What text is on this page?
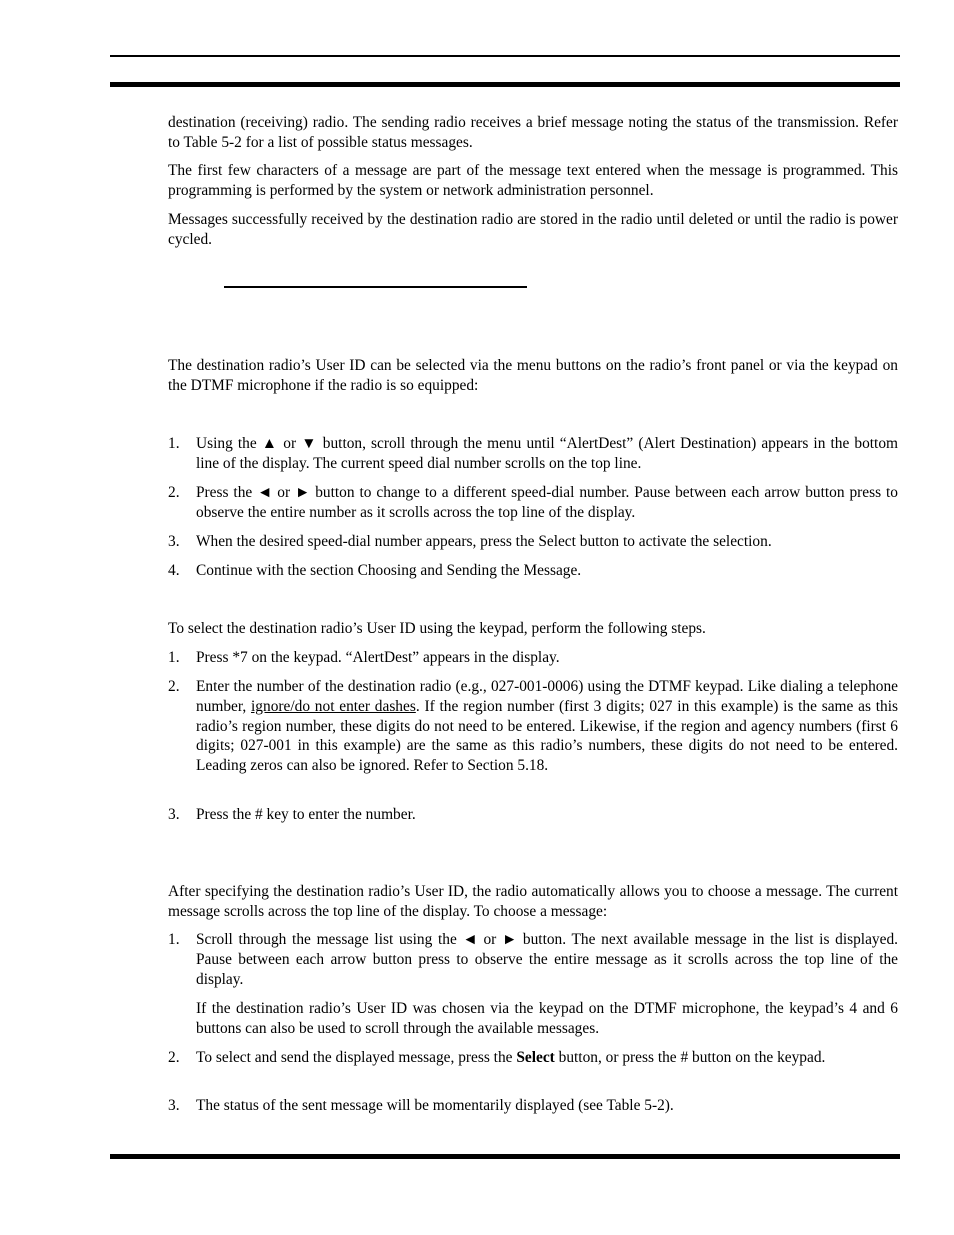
destination (receiving) radio. The sending radio receives a brief message noting the status of the transmission. Refer to Table 5-2 for a list of possible status messages.

The first few characters of a message are part of the message text entered when the message is programmed. This programming is performed by the system or network administration personnel.

Messages successfully received by the destination radio are stored in the radio until deleted or until the radio is power cycled.

The destination radio’s User ID can be selected via the menu buttons on the radio’s front panel or via the keypad on the DTMF microphone if the radio is so equipped:

1.	Using the ▲ or ▼ button, scroll through the menu until “AlertDest” (Alert Destination) appears in the bottom line of the display. The current speed dial number scrolls on the top line.
2.	Press the ◄ or ► button to change to a different speed-dial number. Pause between each arrow button press to observe the entire number as it scrolls across the top line of the display.
3.	When the desired speed-dial number appears, press the Select button to activate the selection.
4.	Continue with the section Choosing and Sending the Message.

To select the destination radio’s User ID using the keypad, perform the following steps.

1.	Press *7 on the keypad. “AlertDest” appears in the display.
2.	Enter the number of the destination radio (e.g., 027-001-0006) using the DTMF keypad. Like dialing a telephone number, ignore/do not enter dashes. If the region number (first 3 digits; 027 in this example) is the same as this radio’s region number, these digits do not need to be entered. Likewise, if the region and agency numbers (first 6 digits; 027-001 in this example) are the same as this radio’s numbers, these digits do not need to be entered. Leading zeros can also be ignored. Refer to Section 5.18.
3.	Press the # key to enter the number.

After specifying the destination radio’s User ID, the radio automatically allows you to choose a message. The current message scrolls across the top line of the display. To choose a message:

1.	Scroll through the message list using the ◄ or ► button. The next available message in the list is displayed. Pause between each arrow button press to observe the entire message as it scrolls across the top line of the display.

If the destination radio’s User ID was chosen via the keypad on the DTMF microphone, the keypad’s 4 and 6 buttons can also be used to scroll through the available messages.

2.	To select and send the displayed message, press the Select button, or press the # button on the keypad.
3.	The status of the sent message will be momentarily displayed (see Table 5-2).
